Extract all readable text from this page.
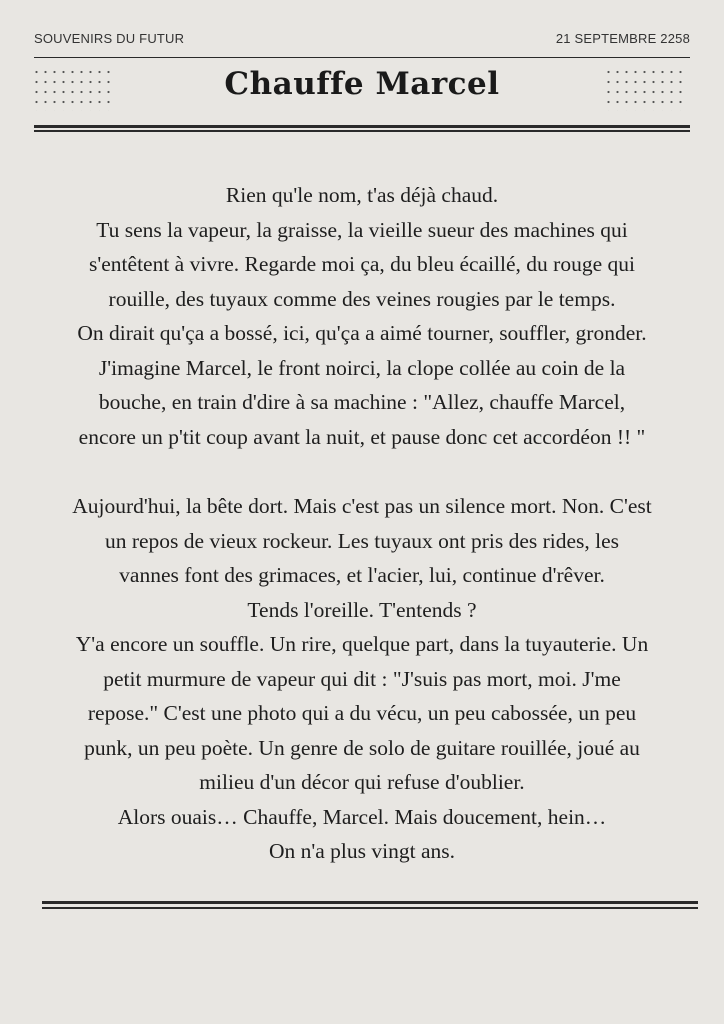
SOUVENIRS DU FUTUR	21 SEPTEMBRE 2258
Chauffe Marcel
Rien qu'le nom, t'as déjà chaud.
Tu sens la vapeur, la graisse, la vieille sueur des machines qui
s'entêtent à vivre. Regarde moi ça, du bleu écaillé, du rouge qui
rouille, des tuyaux comme des veines rougies par le temps.
On dirait qu'ça a bossé, ici, qu'ça a aimé tourner, souffler, gronder.
J'imagine Marcel, le front noirci, la clope collée au coin de la
bouche, en train d'dire à sa machine : "Allez, chauffe Marcel,
encore un p'tit coup avant la nuit, et pause donc cet accordéon !! "
Aujourd'hui, la bête dort. Mais c'est pas un silence mort. Non. C'est
un repos de vieux rockeur. Les tuyaux ont pris des rides, les
vannes font des grimaces, et l'acier, lui, continue d'rêver.
Tends l'oreille. T'entends ?
Y'a encore un souffle. Un rire, quelque part, dans la tuyauterie. Un
petit murmure de vapeur qui dit : "J'suis pas mort, moi. J'me
repose." C'est une photo qui a du vécu, un peu cabossée, un peu
punk, un peu poète. Un genre de solo de guitare rouillée, joué au
milieu d'un décor qui refuse d'oublier.
Alors ouais… Chauffe, Marcel. Mais doucement, hein…
On n'a plus vingt ans.
